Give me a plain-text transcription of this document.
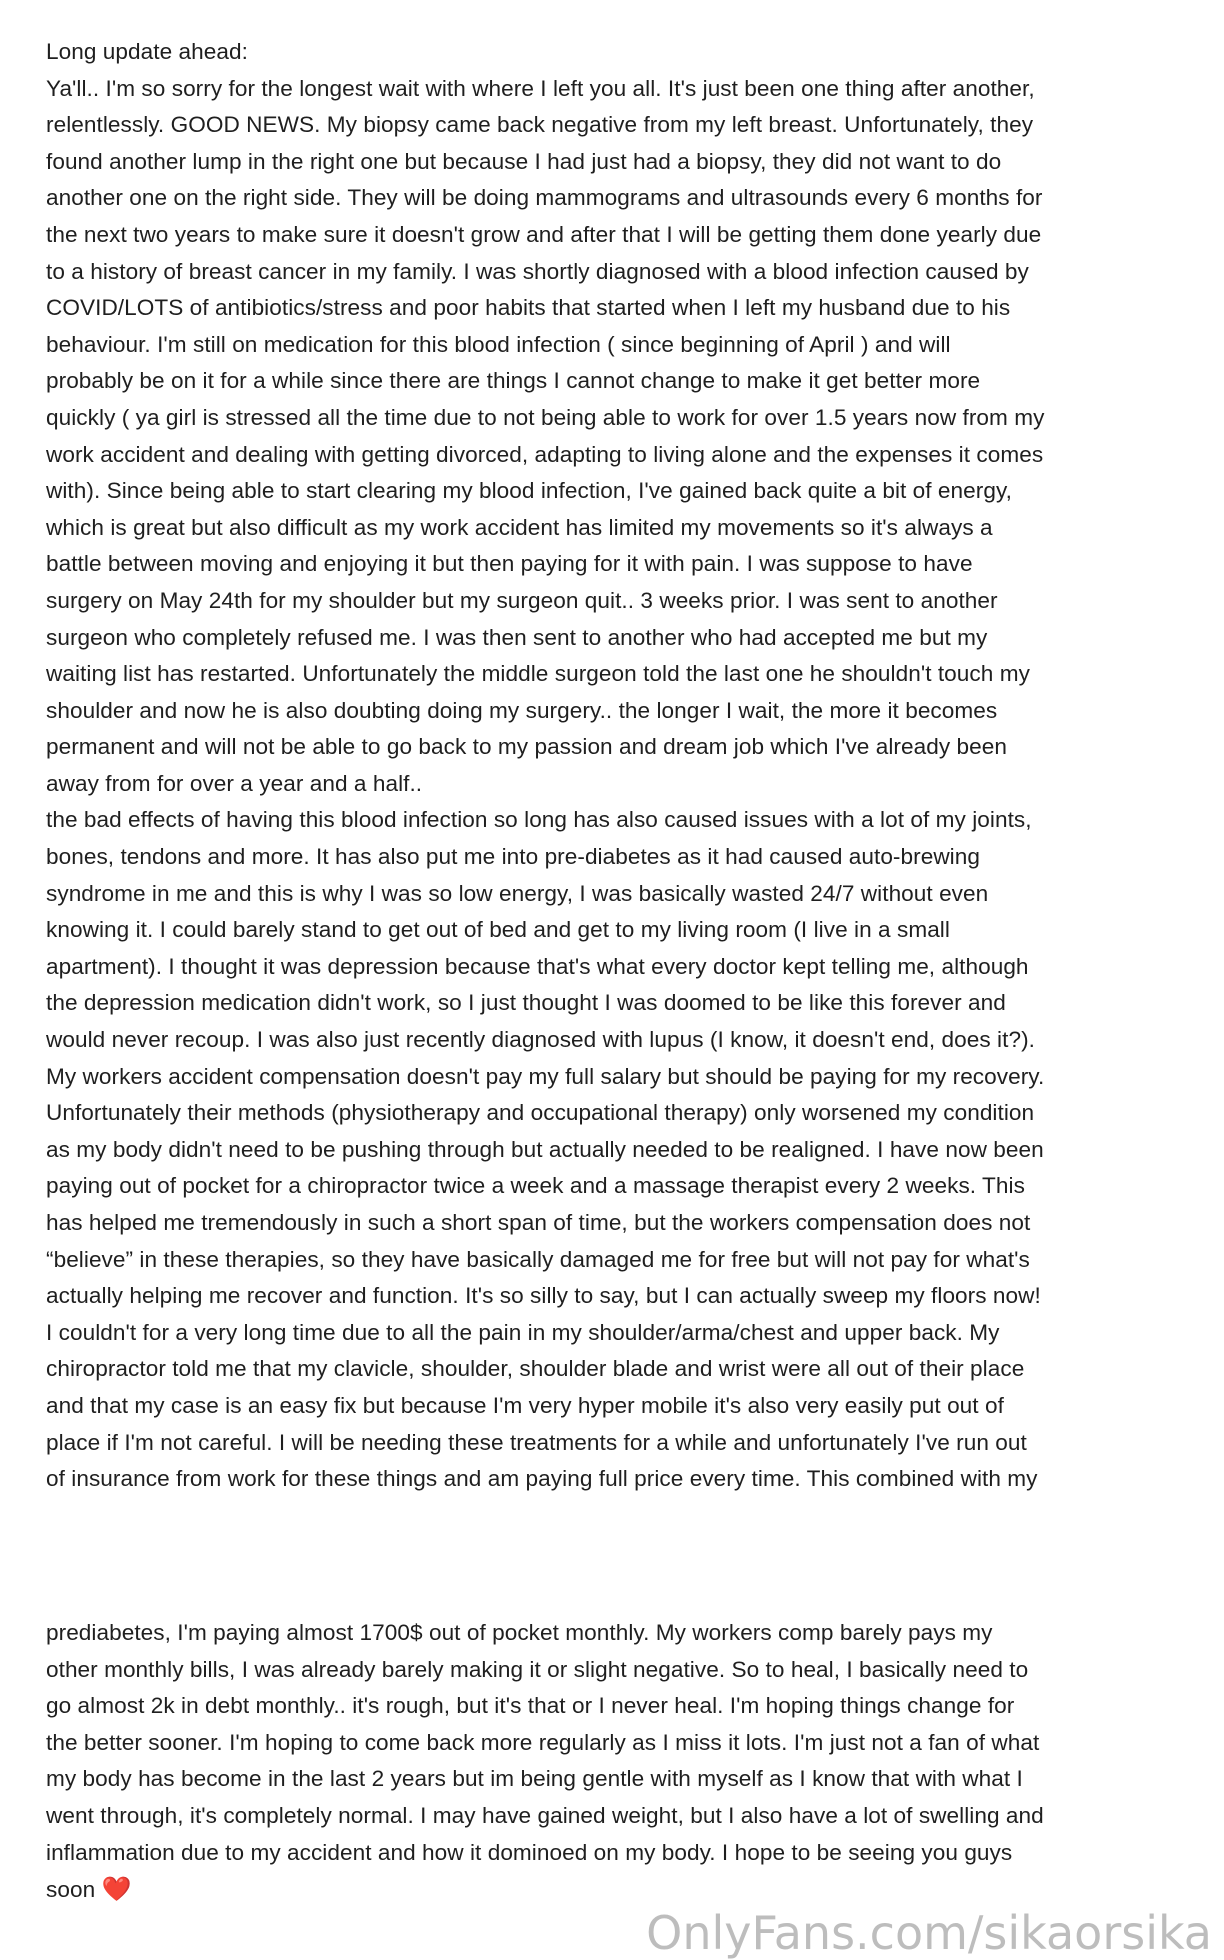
Long update ahead:
Ya'll.. I'm so sorry for the longest wait with where I left you all. It's just been one thing after another,
relentlessly. GOOD NEWS. My biopsy came back negative from my left breast. Unfortunately, they
found another lump in the right one but because I had just had a biopsy, they did not want to do
another one on the right side. They will be doing mammograms and ultrasounds every 6 months for
the next two years to make sure it doesn't grow and after that I will be getting them done yearly due
to a history of breast cancer in my family. I was shortly diagnosed with a blood infection caused by
COVID/LOTS of antibiotics/stress and poor habits that started when I left my husband due to his
behaviour. I'm still on medication for this blood infection ( since beginning of April ) and will
probably be on it for a while since there are things I cannot change to make it get better more
quickly ( ya girl is stressed all the time due to not being able to work for over 1.5 years now from my
work accident and dealing with getting divorced, adapting to living alone and the expenses it comes
with). Since being able to start clearing my blood infection, I've gained back quite a bit of energy,
which is great but also difficult as my work accident has limited my movements so it's always a
battle between moving and enjoying it but then paying for it with pain. I was suppose to have
surgery on May 24th for my shoulder but my surgeon quit.. 3 weeks prior. I was sent to another
surgeon who completely refused me. I was then sent to another who had accepted me but my
waiting list has restarted. Unfortunately the middle surgeon told the last one he shouldn't touch my
shoulder and now he is also doubting doing my surgery.. the longer I wait, the more it becomes
permanent and will not be able to go back to my passion and dream job which I've already been
away from for over a year and a half..
the bad effects of having this blood infection so long has also caused issues with a lot of my joints,
bones, tendons and more. It has also put me into pre-diabetes as it had caused auto-brewing
syndrome in me and this is why I was so low energy, I was basically wasted 24/7 without even
knowing it. I could barely stand to get out of bed and get to my living room (I live in a small
apartment). I thought it was depression because that's what every doctor kept telling me, although
the depression medication didn't work, so I just thought I was doomed to be like this forever and
would never recoup. I was also just recently diagnosed with lupus (I know, it doesn't end, does it?).
My workers accident compensation doesn't pay my full salary but should be paying for my recovery.
Unfortunately their methods (physiotherapy and occupational therapy) only worsened my condition
as my body didn't need to be pushing through but actually needed to be realigned. I have now been
paying out of pocket for a chiropractor twice a week and a massage therapist every 2 weeks. This
has helped me tremendously in such a short span of time, but the workers compensation does not
“believe” in these therapies, so they have basically damaged me for free but will not pay for what's
actually helping me recover and function. It's so silly to say, but I can actually sweep my floors now!
I couldn't for a very long time due to all the pain in my shoulder/arma/chest and upper back. My
chiropractor told me that my clavicle, shoulder, shoulder blade and wrist were all out of their place
and that my case is an easy fix but because I'm very hyper mobile it's also very easily put out of
place if I'm not careful. I will be needing these treatments for a while and unfortunately I've run out
of insurance from work for these things and am paying full price every time. This combined with my
prediabetes, I'm paying almost 1700$ out of pocket monthly. My workers comp barely pays my
other monthly bills, I was already barely making it or slight negative. So to heal, I basically need to
go almost 2k in debt monthly.. it's rough, but it's that or I never heal. I'm hoping things change for
the better sooner. I'm hoping to come back more regularly as I miss it lots. I'm just not a fan of what
my body has become in the last 2 years but im being gentle with myself as I know that with what I
went through, it's completely normal. I may have gained weight, but I also have a lot of swelling and
inflammation due to my accident and how it dominoed on my body. I hope to be seeing you guys
soon ❤️
OnlyFans.com/sikaorsika
